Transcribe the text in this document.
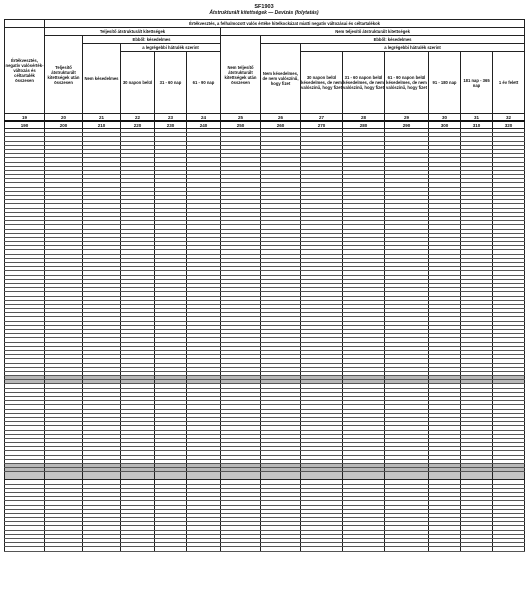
SF1903
Átstrukturált kitettségek — Devizás (folytatás)
	Értékvesztés, a felhalmozott valós értéke hitelkockázat miatti negatív változásai és céltartalékok												
Értékvesztés, negatív valósérték-változás és céltartalék összesen	Teljesítő átstrukturált kitettségek					Nem teljesítő átstrukturált kitettségek							
	Teljesítő átstrukturált kitettségek után összesen	Ebből: késedelmes				Nem teljesítő átstrukturált kitettségek után összesen	Ebből: késedelmes						
		Nem késedelmes	a legrégebbi hátralék szerint				Nem késedelmes, de nem valószínű, hogy fizet	a legrégebbi hátralék szerint					
			30 napon belül	31 - 60 nap	61 - 90 nap			30 napon belül késedelmes, de nem valószínű, hogy fizet	31 - 60 napon belül késedelmes, de nem valószínű, hogy fizet	61 - 90 napon belül késedelmes, de nem valószínű, hogy fizet	91 - 180 nap	181 nap - 365 nap	1 év felett
19	20	21	22	23	24	25	26	27	28	29	30	31	32
190	200	210	220	230	240	250	260	270	280	290	300	310	320
